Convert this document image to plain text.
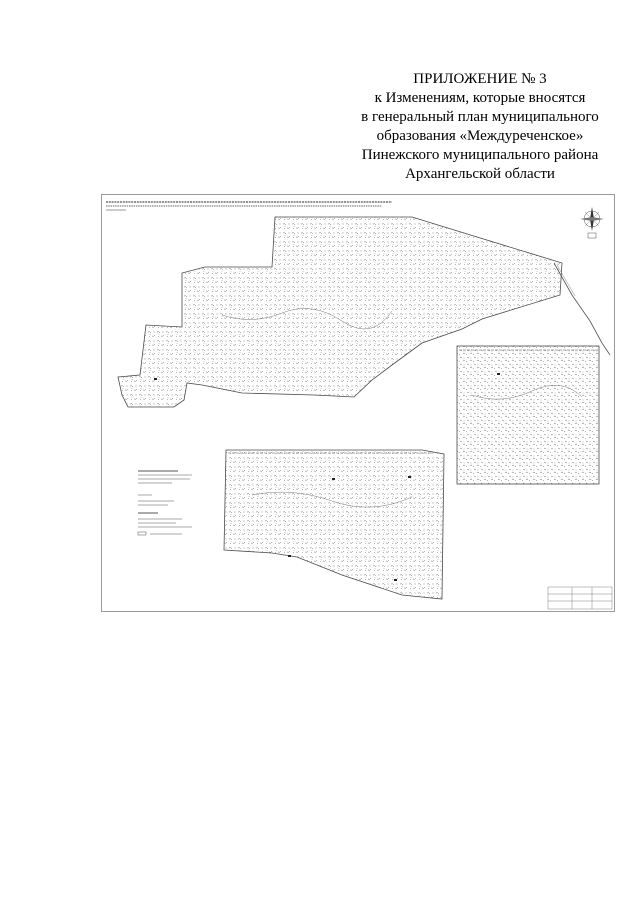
ПРИЛОЖЕНИЕ № 3
к Изменениям, которые вносятся
в генеральный план муниципального
образования «Междуреченское»
Пинежского муниципального района
Архангельской области
